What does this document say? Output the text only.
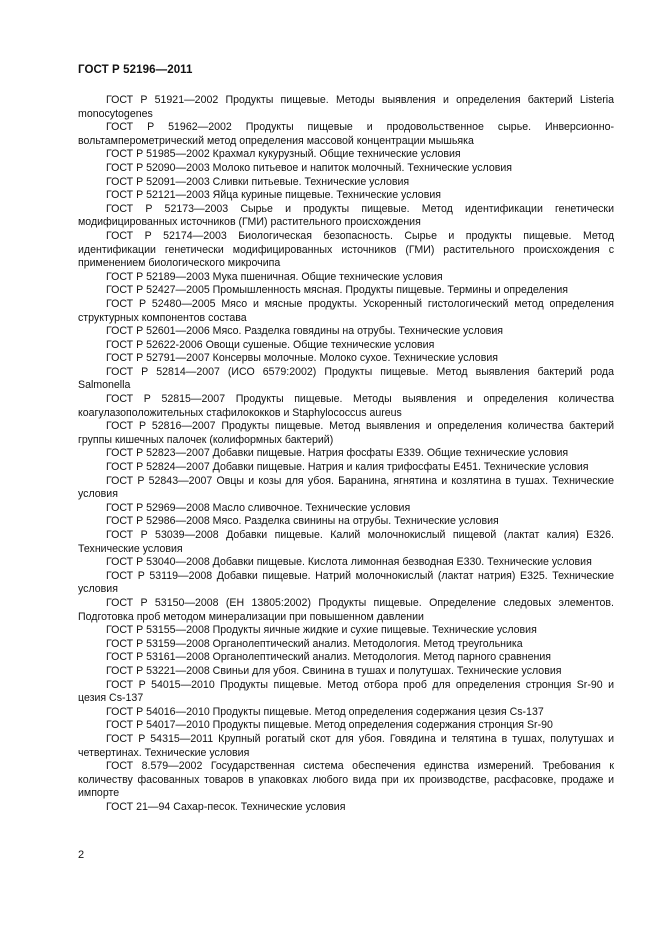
ГОСТ Р 52196—2011

ГОСТ Р 51921—2002 Продукты пищевые. Методы выявления и определения бактерий Listeria monocytogenes

ГОСТ Р 51962—2002 Продукты пищевые и продовольственное сырье. Инверсионно-вольтамперометрический метод определения массовой концентрации мышьяка

ГОСТ Р 51985—2002 Крахмал кукурузный. Общие технические условия

ГОСТ Р 52090—2003 Молоко питьевое и напиток молочный. Технические условия

ГОСТ Р 52091—2003 Сливки питьевые. Технические условия

ГОСТ Р 52121—2003 Яйца куриные пищевые. Технические условия

ГОСТ Р 52173—2003 Сырье и продукты пищевые. Метод идентификации генетически модифицированных источников (ГМИ) растительного происхождения

ГОСТ Р 52174—2003 Биологическая безопасность. Сырье и продукты пищевые. Метод идентификации генетически модифицированных источников (ГМИ) растительного происхождения с применением биологического микрочипа

ГОСТ Р 52189—2003 Мука пшеничная. Общие технические условия

ГОСТ Р 52427—2005 Промышленность мясная. Продукты пищевые. Термины и определения

ГОСТ Р 52480—2005 Мясо и мясные продукты. Ускоренный гистологический метод определения структурных компонентов состава

ГОСТ Р 52601—2006 Мясо. Разделка говядины на отрубы. Технические условия

ГОСТ Р 52622-2006 Овощи сушеные. Общие технические условия

ГОСТ Р 52791—2007 Консервы молочные. Молоко сухое. Технические условия

ГОСТ Р 52814—2007 (ИСО 6579:2002) Продукты пищевые. Метод выявления бактерий рода Salmonella

ГОСТ Р 52815—2007 Продукты пищевые. Методы выявления и определения количества коагулазоположительных стафилококков и Staphylococcus aureus

ГОСТ Р 52816—2007 Продукты пищевые. Метод выявления и определения количества бактерий группы кишечных палочек (колиформных бактерий)

ГОСТ Р 52823—2007 Добавки пищевые. Натрия фосфаты Е339. Общие технические условия

ГОСТ Р 52824—2007 Добавки пищевые. Натрия и калия трифосфаты Е451. Технические условия

ГОСТ Р 52843—2007 Овцы и козы для убоя. Баранина, ягнятина и козлятина в тушах. Технические условия

ГОСТ Р 52969—2008 Масло сливочное. Технические условия

ГОСТ Р 52986—2008 Мясо. Разделка свинины на отрубы. Технические условия

ГОСТ Р 53039—2008 Добавки пищевые. Калий молочнокислый пищевой (лактат калия) Е326. Технические условия

ГОСТ Р 53040—2008 Добавки пищевые. Кислота лимонная безводная Е330. Технические условия

ГОСТ Р 53119—2008 Добавки пищевые. Натрий молочнокислый (лактат натрия) Е325. Технические условия

ГОСТ Р 53150—2008 (ЕН 13805:2002) Продукты пищевые. Определение следовых элементов. Подготовка проб методом минерализации при повышенном давлении

ГОСТ Р 53155—2008 Продукты яичные жидкие и сухие пищевые. Технические условия

ГОСТ Р 53159—2008 Органолептический анализ. Методология. Метод треугольника

ГОСТ Р 53161—2008 Органолептический анализ. Методология. Метод парного сравнения

ГОСТ Р 53221—2008 Свиньи для убоя. Свинина в тушах и полутушах. Технические условия

ГОСТ Р 54015—2010 Продукты пищевые. Метод отбора проб для определения стронция Sr-90 и цезия Cs-137

ГОСТ Р 54016—2010 Продукты пищевые. Метод определения содержания цезия Cs-137

ГОСТ Р 54017—2010 Продукты пищевые. Метод определения содержания стронция Sr-90

ГОСТ Р 54315—2011 Крупный рогатый скот для убоя. Говядина и телятина в тушах, полутушах и четвертинах. Технические условия

ГОСТ 8.579—2002 Государственная система обеспечения единства измерений. Требования к количеству фасованных товаров в упаковках любого вида при их производстве, расфасовке, продаже и импорте

ГОСТ 21—94 Сахар-песок. Технические условия

2
